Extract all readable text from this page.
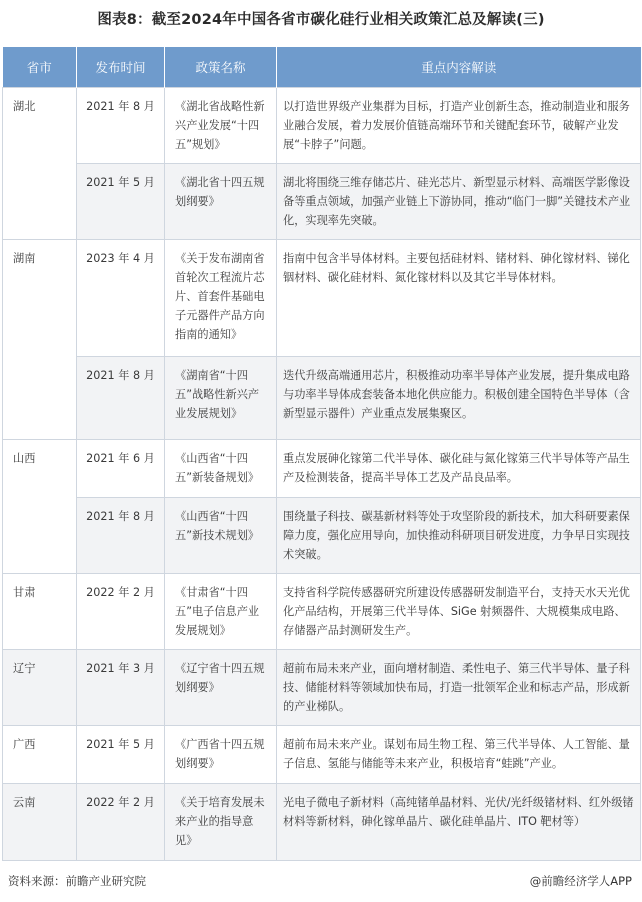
图表8：截至2024年中国各省市碳化硅行业相关政策汇总及解读(三)
省市	发布时间	政策名称	重点内容解读
湖北	2021 年 8 月	《湖北省战略性新兴产业发展“十四五”规划》	以打造世界级产业集群为目标，打造产业创新生态，推动制造业和服务业融合发展，着力发展价值链高端环节和关键配套环节，破解产业发展“卡脖子”问题。
	2021 年 5 月	《湖北省十四五规划纲要》	湖北将围绕三维存储芯片、硅光芯片、新型显示材料、高端医学影像设备等重点领域，加强产业链上下游协同，推动“临门一脚”关键技术产业化，实现率先突破。
湖南	2023 年 4 月	《关于发布湖南省首轮次工程流片芯片、首套件基础电子元器件产品方向指南的通知》	指南中包含半导体材料。主要包括硅材料、锗材料、砷化镓材料、锑化铟材料、碳化硅材料、氮化镓材料以及其它半导体材料。
	2021 年 8 月	《湖南省“十四五”战略性新兴产业发展规划》	迭代升级高端通用芯片，积极推动功率半导体产业发展，提升集成电路与功率半导体成套装备本地化供应能力。积极创建全国特色半导体（含新型显示器件）产业重点发展集聚区。
山西	2021 年 6 月	《山西省“十四五”新装备规划》	重点发展砷化镓第二代半导体、碳化硅与氮化镓第三代半导体等产品生产及检测装备，提高半导体工艺及产品良品率。
	2021 年 8 月	《山西省“十四五”新技术规划》	围绕量子科技、碳基新材料等处于攻坚阶段的新技术，加大科研要素保障力度，强化应用导向，加快推动科研项目研发进度，力争早日实现技术突破。
甘肃	2022 年 2 月	《甘肃省“十四五”电子信息产业发展规划》	支持省科学院传感器研究所建设传感器研发制造平台，支持天水天光优化产品结构，开展第三代半导体、SiGe 射频器件、大规模集成电路、存储器产品封测研发生产。
辽宁	2021 年 3 月	《辽宁省十四五规划纲要》	超前布局未来产业，面向增材制造、柔性电子、第三代半导体、量子科技、储能材料等领域加快布局，打造一批领军企业和标志产品，形成新的产业梯队。
广西	2021 年 5 月	《广西省十四五规划纲要》	超前布局未来产业。谋划布局生物工程、第三代半导体、人工智能、量子信息、氢能与储能等未来产业，积极培育“蛙跳”产业。
云南	2022 年 2 月	《关于培育发展未来产业的指导意见》	光电子微电子新材料（高纯锗单晶材料、光伏/光纤级锗材料、红外级锗材料等新材料，砷化镓单晶片、碳化硅单晶片、ITO 靶材等）
资料来源：前瞻产业研究院	@前瞻经济学人APP
